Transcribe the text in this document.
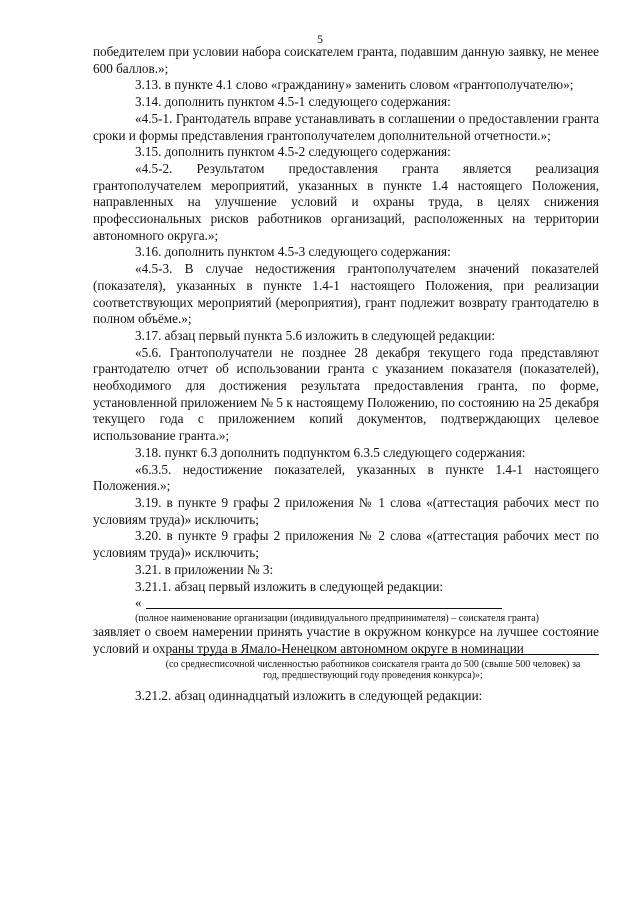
5

победителем при условии набора соискателем гранта, подавшим данную заявку, не менее 600 баллов.»;

3.13. в пункте 4.1 слово «гражданину» заменить словом «грантополучателю»;

3.14. дополнить пунктом 4.5-1 следующего содержания:

«4.5-1. Грантодатель вправе устанавливать в соглашении о предоставлении гранта сроки и формы представления грантополучателем дополнительной отчетности.»;

3.15. дополнить пунктом 4.5-2 следующего содержания:

«4.5-2. Результатом предоставления гранта является реализация грантополучателем мероприятий, указанных в пункте 1.4 настоящего Положения, направленных на улучшение условий и охраны труда, в целях снижения профессиональных рисков работников организаций, расположенных на территории автономного округа.»;

3.16. дополнить пунктом 4.5-3 следующего содержания:

«4.5-3. В случае недостижения грантополучателем значений показателей (показателя), указанных в пункте 1.4-1 настоящего Положения, при реализации соответствующих мероприятий (мероприятия), грант подлежит возврату грантодателю в полном объёме.»;

3.17. абзац первый пункта 5.6 изложить в следующей редакции:

«5.6. Грантополучатели не позднее 28 декабря текущего года представляют грантодателю отчет об использовании гранта с указанием показателя (показателей), необходимого для достижения результата предоставления гранта, по форме, установленной приложением № 5 к настоящему Положению, по состоянию на 25 декабря текущего года с приложением копий документов, подтверждающих целевое использование гранта.»;

3.18. пункт 6.3 дополнить подпунктом 6.3.5 следующего содержания:

«6.3.5. недостижение показателей, указанных в пункте 1.4-1 настоящего Положения.»;

3.19. в пункте 9 графы 2 приложения № 1 слова «(аттестация рабочих мест по условиям труда)» исключить;

3.20. в пункте 9 графы 2 приложения № 2 слова «(аттестация рабочих мест по условиям труда)» исключить;

3.21. в приложении № 3:

3.21.1. абзац первый изложить в следующей редакции:

«

(полное наименование организации (индивидуального предпринимателя) – соискателя гранта)

заявляет о своем намерении принять участие в окружном конкурсе на лучшее состояние условий и охраны труда в Ямало-Ненецком автономном округе в номинации

(со среднесписочной численностью работников соискателя гранта до 500 (свыше 500 человек) за год, предшествующий году проведения конкурса)»;

3.21.2. абзац одиннадцатый изложить в следующей редакции:
